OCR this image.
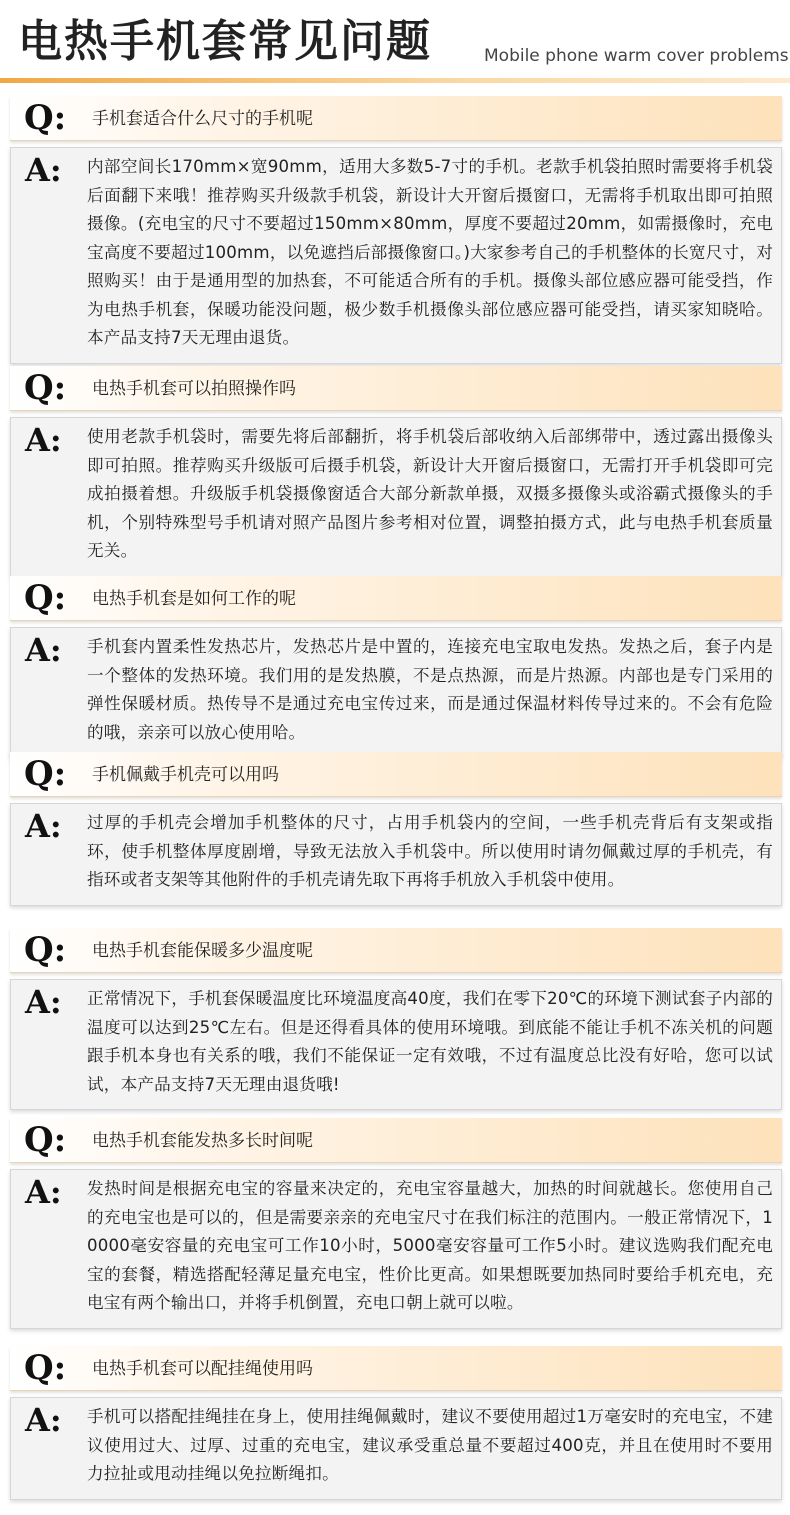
电热手机套常见问题	Mobile phone warm cover problems
Q: 手机套适合什么尺寸的手机呢
A:	内部空间长170mm×宽90mm，适用大多数5-7寸的手机。老款手机袋拍照时需要将手机袋后面翻下来哦！推荐购买升级款手机袋，新设计大开窗后摄窗口，无需将手机取出即可拍照摄像。(充电宝的尺寸不要超过150mm×80mm，厚度不要超过20mm，如需摄像时，充电宝高度不要超过100mm，以免遮挡后部摄像窗口。)大家参考自己的手机整体的长宽尺寸，对照购买！由于是通用型的加热套，不可能适合所有的手机。摄像头部位感应器可能受挡，作为电热手机套，保暖功能没问题，极少数手机摄像头部位感应器可能受挡，请买家知晓哈。本产品支持7天无理由退货。

Q: 电热手机套可以拍照操作吗
A:	使用老款手机袋时，需要先将后部翻折，将手机袋后部收纳入后部绑带中，透过露出摄像头即可拍照。推荐购买升级版可后摄手机袋，新设计大开窗后摄窗口，无需打开手机袋即可完成拍摄着想。升级版手机袋摄像窗适合大部分新款单摄，双摄多摄像头或浴霸式摄像头的手机，个别特殊型号手机请对照产品图片参考相对位置，调整拍摄方式，此与电热手机套质量无关。

Q: 电热手机套是如何工作的呢
A:	手机套内置柔性发热芯片，发热芯片是中置的，连接充电宝取电发热。发热之后，套子内是一个整体的发热环境。我们用的是发热膜，不是点热源，而是片热源。内部也是专门采用的弹性保暖材质。热传导不是通过充电宝传过来，而是通过保温材料传导过来的。不会有危险的哦，亲亲可以放心使用哈。

Q: 手机佩戴手机壳可以用吗
A:	过厚的手机壳会增加手机整体的尺寸，占用手机袋内的空间，一些手机壳背后有支架或指环，使手机整体厚度剧增，导致无法放入手机袋中。所以使用时请勿佩戴过厚的手机壳，有指环或者支架等其他附件的手机壳请先取下再将手机放入手机袋中使用。

Q: 电热手机套能保暖多少温度呢
A:	正常情况下，手机套保暖温度比环境温度高40度，我们在零下20℃的环境下测试套子内部的温度可以达到25℃左右。但是还得看具体的使用环境哦。到底能不能让手机不冻关机的问题跟手机本身也有关系的哦，我们不能保证一定有效哦，不过有温度总比没有好哈，您可以试试，本产品支持7天无理由退货哦!

Q: 电热手机套能发热多长时间呢
A:	发热时间是根据充电宝的容量来决定的，充电宝容量越大，加热的时间就越长。您使用自己的充电宝也是可以的，但是需要亲亲的充电宝尺寸在我们标注的范围内。一般正常情况下，10000毫安容量的充电宝可工作10小时，5000毫安容量可工作5小时。建议选购我们配充电宝的套餐，精选搭配轻薄足量充电宝，性价比更高。如果想既要加热同时要给手机充电，充电宝有两个输出口，并将手机倒置，充电口朝上就可以啦。

Q: 电热手机套可以配挂绳使用吗
A:	手机可以搭配挂绳挂在身上，使用挂绳佩戴时，建议不要使用超过1万毫安时的充电宝，不建议使用过大、过厚、过重的充电宝，建议承受重总量不要超过400克，并且在使用时不要用力拉扯或甩动挂绳以免拉断绳扣。
